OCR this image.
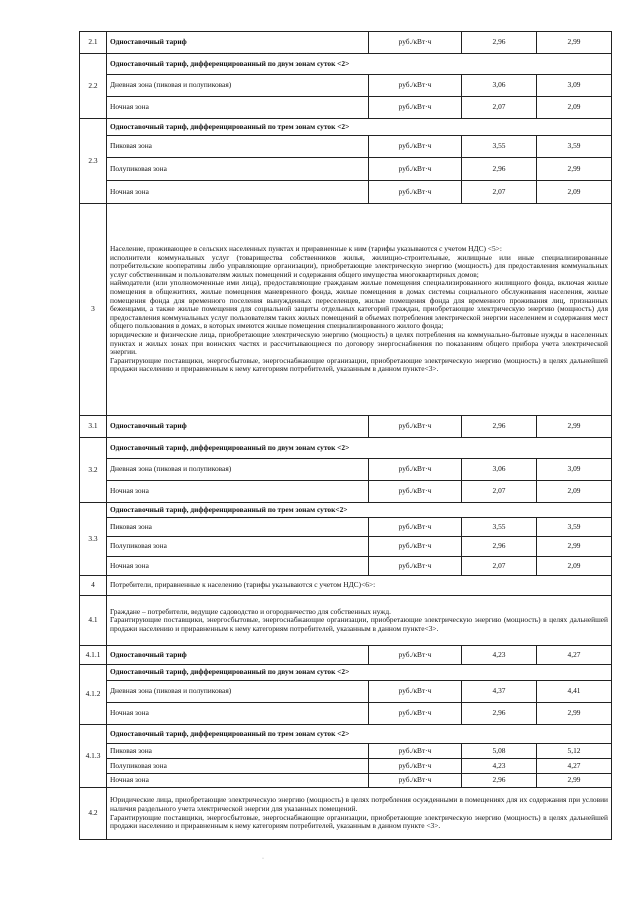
2.1	Одноставочный тариф	руб./кВт·ч	2,96	2,99
2.2	Одноставочный тариф, дифференцированный по двум зонам суток <2>			
	Дневная зона (пиковая и полупиковая)	руб./кВт·ч	3,06	3,09
	Ночная зона	руб./кВт·ч	2,07	2,09
2.3	Одноставочный тариф, дифференцированный по трем зонам суток <2>			
	Пиковая зона	руб./кВт·ч	3,55	3,59
	Полупиковая зона	руб./кВт·ч	2,96	2,99
	Ночная зона	руб./кВт·ч	2,07	2,09
3	Население, проживающее в сельских населенных пунктах и приравненные к ним (тарифы указываются с учетом НДС) <5>:

исполнители коммунальных услуг (товарищества собственников жилья, жилищно-строительные, жилищные или иные специализированные потребительские кооперативы либо управляющие организации), приобретающие электрическую энергию (мощность) для предоставления коммунальных услуг собственникам и пользователям жилых помещений и содержания общего имущества многоквартирных домов;

наймодатели (или уполномоченные ими лица), предоставляющие гражданам жилые помещения специализированного жилищного фонда, включая жилые помещения в общежитиях, жилые помещения маневренного фонда, жилые помещения в домах системы социального обслуживания населения, жилые помещения фонда для временного поселения вынужденных переселенцев, жилые помещения фонда для временного проживания лиц, признанных беженцами, а также жилые помещения для социальной защиты отдельных категорий граждан, приобретающие электрическую энергию (мощность) для предоставления коммунальных услуг пользователям таких жилых помещений в объемах потребления электрической энергии населением и содержания мест общего пользования в домах, в которых имеются жилые помещения специализированного жилого фонда;

юридические и физические лица, приобретающие электрическую энергию (мощность) в целях потребления на коммунально-бытовые нужды в населенных пунктах и жилых зонах при воинских частях и рассчитывающиеся по договору энергоснабжения по показаниям общего прибора учета электрической энергии.

Гарантирующие поставщики, энергосбытовые, энергоснабжающие организации, приобретающие электрическую энергию (мощность) в целях дальнейшей продажи населению и приравненным к нему категориям потребителей, указанным в данном пункте<3>.			

3.1	Одноставочный тариф	руб./кВт·ч	2,96	2,99
3.2	Одноставочный тариф, дифференцированный по двум зонам суток <2>			
	Дневная зона (пиковая и полупиковая)	руб./кВт·ч	3,06	3,09
	Ночная зона	руб./кВт·ч	2,07	2,09
3.3	Одноставочный тариф, дифференцированный по трем зонам суток<2>			
	Пиковая зона	руб./кВт·ч	3,55	3,59
	Полупиковая зона	руб./кВт·ч	2,96	2,99
	Ночная зона	руб./кВт·ч	2,07	2,09
4	Потребители, приравненные к населению (тарифы указываются с учетом НДС)<6>:			
4.1	Граждане – потребители, ведущие садоводство и огородничество для собственных нужд.

Гарантирующие поставщики, энергосбытовые, энергоснабжающие организации, приобретающие электрическую энергию (мощность) в целях дальнейшей продажи населению и приравненным к нему категориям потребителей, указанным в данном пункте<3>.			

4.1.1	Одноставочный тариф	руб./кВт·ч	4,23	4,27
4.1.2	Одноставочный тариф, дифференцированный по двум зонам суток <2>			
	Дневная зона (пиковая и полупиковая)	руб./кВт·ч	4,37	4,41
	Ночная зона	руб./кВт·ч	2,96	2,99
4.1.3	Одноставочный тариф, дифференцированный по трем зонам суток <2>			
	Пиковая зона	руб./кВт·ч	5,08	5,12
	Полупиковая зона	руб./кВт·ч	4,23	4,27
	Ночная зона	руб./кВт·ч	2,96	2,99
4.2	Юридические лица, приобретающие электрическую энергию (мощность) в целях потребления осужденными в помещениях для их содержания при условии наличия раздельного учета электрической энергии для указанных помещений.

Гарантирующие поставщики, энергосбытовые, энергоснабжающие организации, приобретающие электрическую энергию (мощность) в целях дальнейшей продажи населению и приравненным к нему категориям потребителей, указанным в данном пункте <3>.			

·
